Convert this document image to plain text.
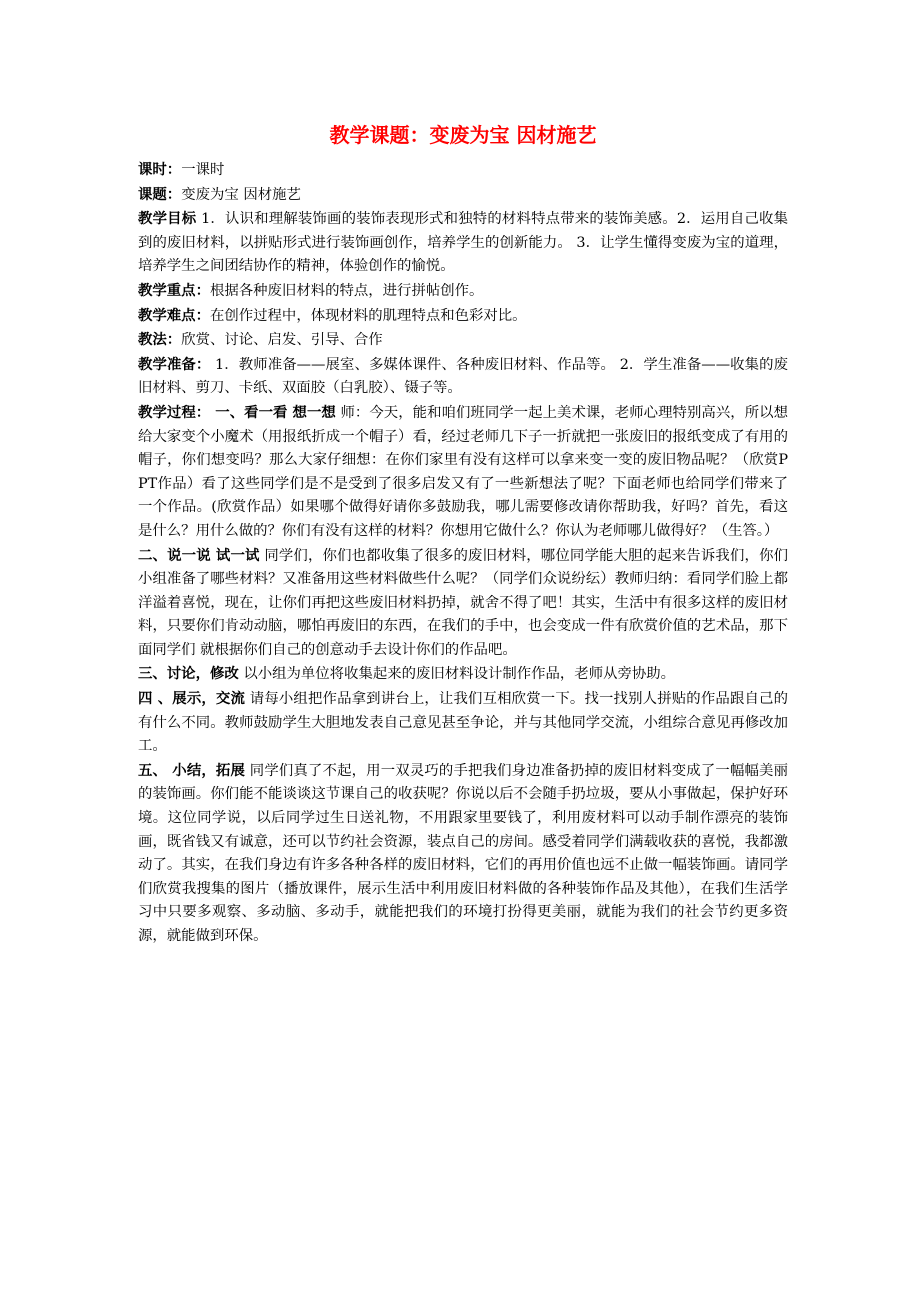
教学课题：变废为宝 因材施艺

课时：一课时

课题：变废为宝 因材施艺

教学目标 1．认识和理解装饰画的装饰表现形式和独特的材料特点带来的装饰美感。2．运用自己收集到的废旧材料，以拼贴形式进行装饰画创作，培养学生的创新能力。 3．让学生懂得变废为宝的道理，培养学生之间团结协作的精神，体验创作的愉悦。

教学重点：根据各种废旧材料的特点，进行拼帖创作。

教学难点：在创作过程中，体现材料的肌理特点和色彩对比。

教法：欣赏、讨论、启发、引导、合作

教学准备： 1．教师准备——展室、多媒体课件、各种废旧材料、作品等。 2．学生准备——收集的废旧材料、剪刀、卡纸、双面胶（白乳胶）、镊子等。

教学过程： 一、看一看 想一想 师：今天，能和咱们班同学一起上美术课，老师心理特别高兴，所以想给大家变个小魔术（用报纸折成一个帽子）看，经过老师几下子一折就把一张废旧的报纸变成了有用的帽子，你们想变吗？那么大家仔细想：在你们家里有没有这样可以拿来变一变的废旧物品呢？（欣赏PPT作品）看了这些同学们是不是受到了很多启发又有了一些新想法了呢？下面老师也给同学们带来了一个作品。(欣赏作品）如果哪个做得好请你多鼓励我，哪儿需要修改请你帮助我，好吗？首先，看这是什么？用什么做的？你们有没有这样的材料？你想用它做什么？你认为老师哪儿做得好？（生答。）

二、说一说 试一试 同学们，你们也都收集了很多的废旧材料，哪位同学能大胆的起来告诉我们，你们小组准备了哪些材料？又准备用这些材料做些什么呢？（同学们众说纷纭）教师归纳：看同学们脸上都洋溢着喜悦，现在，让你们再把这些废旧材料扔掉，就舍不得了吧！其实，生活中有很多这样的废旧材料，只要你们肯动动脑，哪怕再废旧的东西，在我们的手中，也会变成一件有欣赏价值的艺术品，那下面同学们 就根据你们自己的创意动手去设计你们的作品吧。

三、讨论，修改 以小组为单位将收集起来的废旧材料设计制作作品，老师从旁协助。

四 、展示，交流 请每小组把作品拿到讲台上，让我们互相欣赏一下。找一找别人拼贴的作品跟自己的有什么不同。教师鼓励学生大胆地发表自己意见甚至争论，并与其他同学交流，小组综合意见再修改加工。

五、 小结，拓展 同学们真了不起，用一双灵巧的手把我们身边准备扔掉的废旧材料变成了一幅幅美丽的装饰画。你们能不能谈谈这节课自己的收获呢？你说以后不会随手扔垃圾，要从小事做起，保护好环境。这位同学说，以后同学过生日送礼物，不用跟家里要钱了，利用废材料可以动手制作漂亮的装饰画，既省钱又有诚意，还可以节约社会资源，装点自己的房间。感受着同学们满载收获的喜悦，我都激动了。其实，在我们身边有许多各种各样的废旧材料，它们的再用价值也远不止做一幅装饰画。请同学们欣赏我搜集的图片（播放课件，展示生活中利用废旧材料做的各种装饰作品及其他），在我们生活学习中只要多观察、多动脑、多动手，就能把我们的环境打扮得更美丽，就能为我们的社会节约更多资源，就能做到环保。
